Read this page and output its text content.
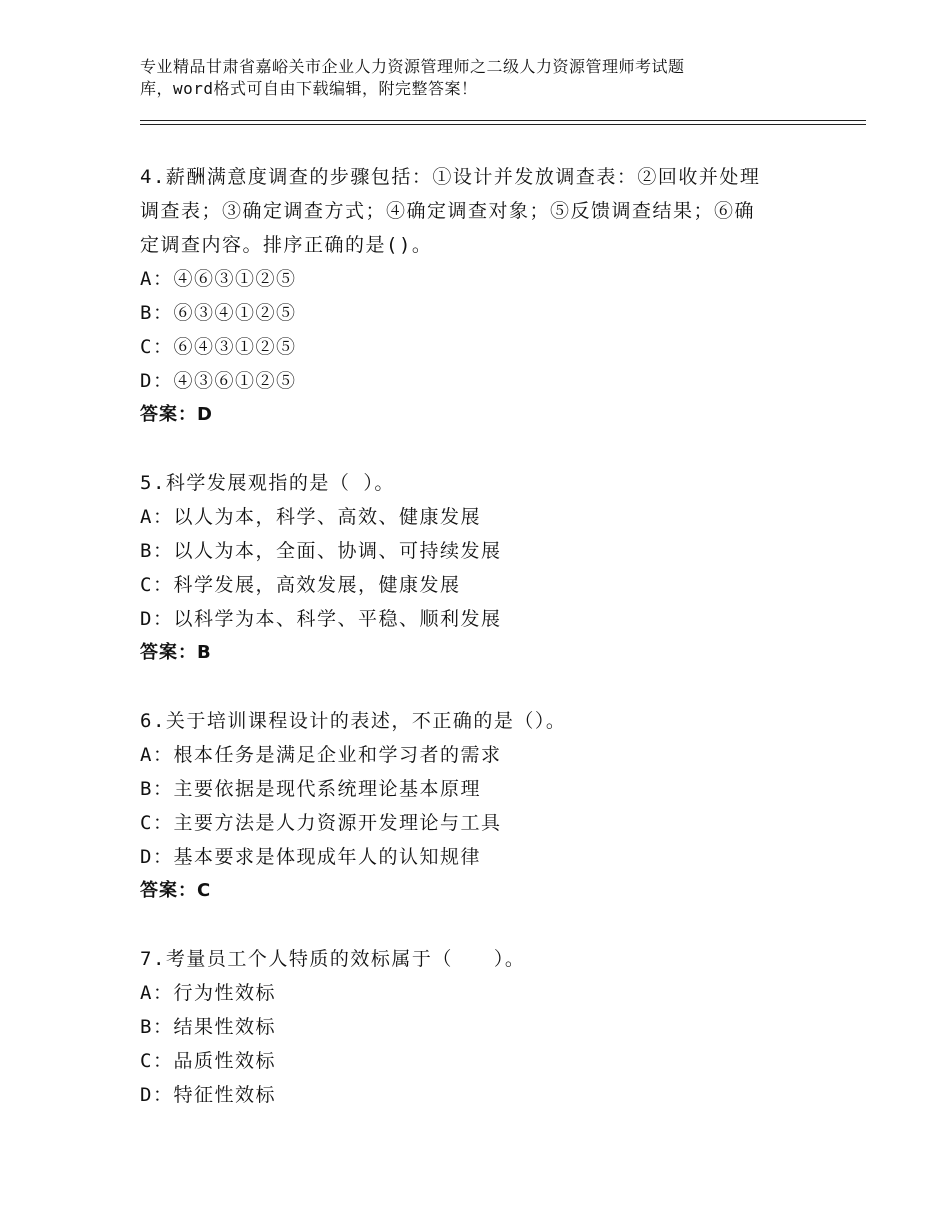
专业精品甘肃省嘉峪关市企业人力资源管理师之二级人力资源管理师考试题
库，word格式可自由下载编辑，附完整答案！
4.薪酬满意度调查的步骤包括：①设计并发放调查表：②回收并处理
调查表；③确定调查方式；④确定调查对象；⑤反馈调查结果；⑥确
定调查内容。排序正确的是()。
A：④⑥③①②⑤
B：⑥③④①②⑤
C：⑥④③①②⑤
D：④③⑥①②⑤
答案：D
5.科学发展观指的是（ ）。
A：以人为本，科学、高效、健康发展
B：以人为本，全面、协调、可持续发展
C：科学发展，高效发展，健康发展
D：以科学为本、科学、平稳、顺利发展
答案：B
6.关于培训课程设计的表述，不正确的是（）。
A：根本任务是满足企业和学习者的需求
B：主要依据是现代系统理论基本原理
C：主要方法是人力资源开发理论与工具
D：基本要求是体现成年人的认知规律
答案：C
7.考量员工个人特质的效标属于（　　）。
A：行为性效标
B：结果性效标
C：品质性效标
D：特征性效标
